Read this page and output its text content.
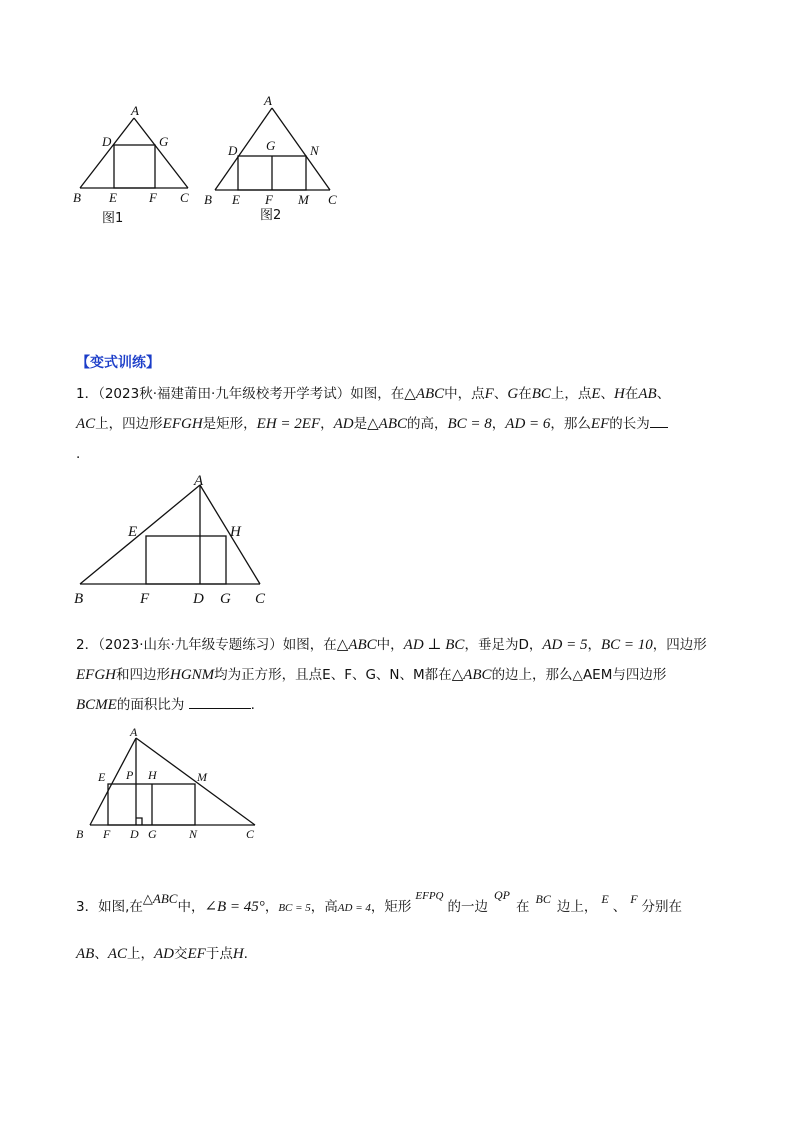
A
D	G
B E F C
图1
A
D G	N
B E F M C
图2
【变式训练】
1．（2023秋·福建莆田·九年级校考开学考试）如图，在△ABC中，点F、G在BC上，点E、H在AB、
AC上，四边形EFGH是矩形，EH = 2EF，AD是△ABC的高，BC = 8，AD = 6，那么EF的长为
.
A
E	H
B	F	D G C
2．（2023·山东·九年级专题练习）如图，在△ABC中，AD ⊥ BC，垂足为D，AD = 5，BC = 10，四边形
EFGH和四边形HGNM均为正方形，且点E、F、G、N、M都在△ABC的边上，那么△AEM与四边形
BCME的面积比为	.
A
E P H	M
B F D G	N	C
3．如图,在△ABC中，∠B = 45°，BC = 5，高AD = 4，矩形$^{EFPQ}$的一边QP在 BC 边上， E 、 F 分别在
AB、AC上，AD交EF于点H.
